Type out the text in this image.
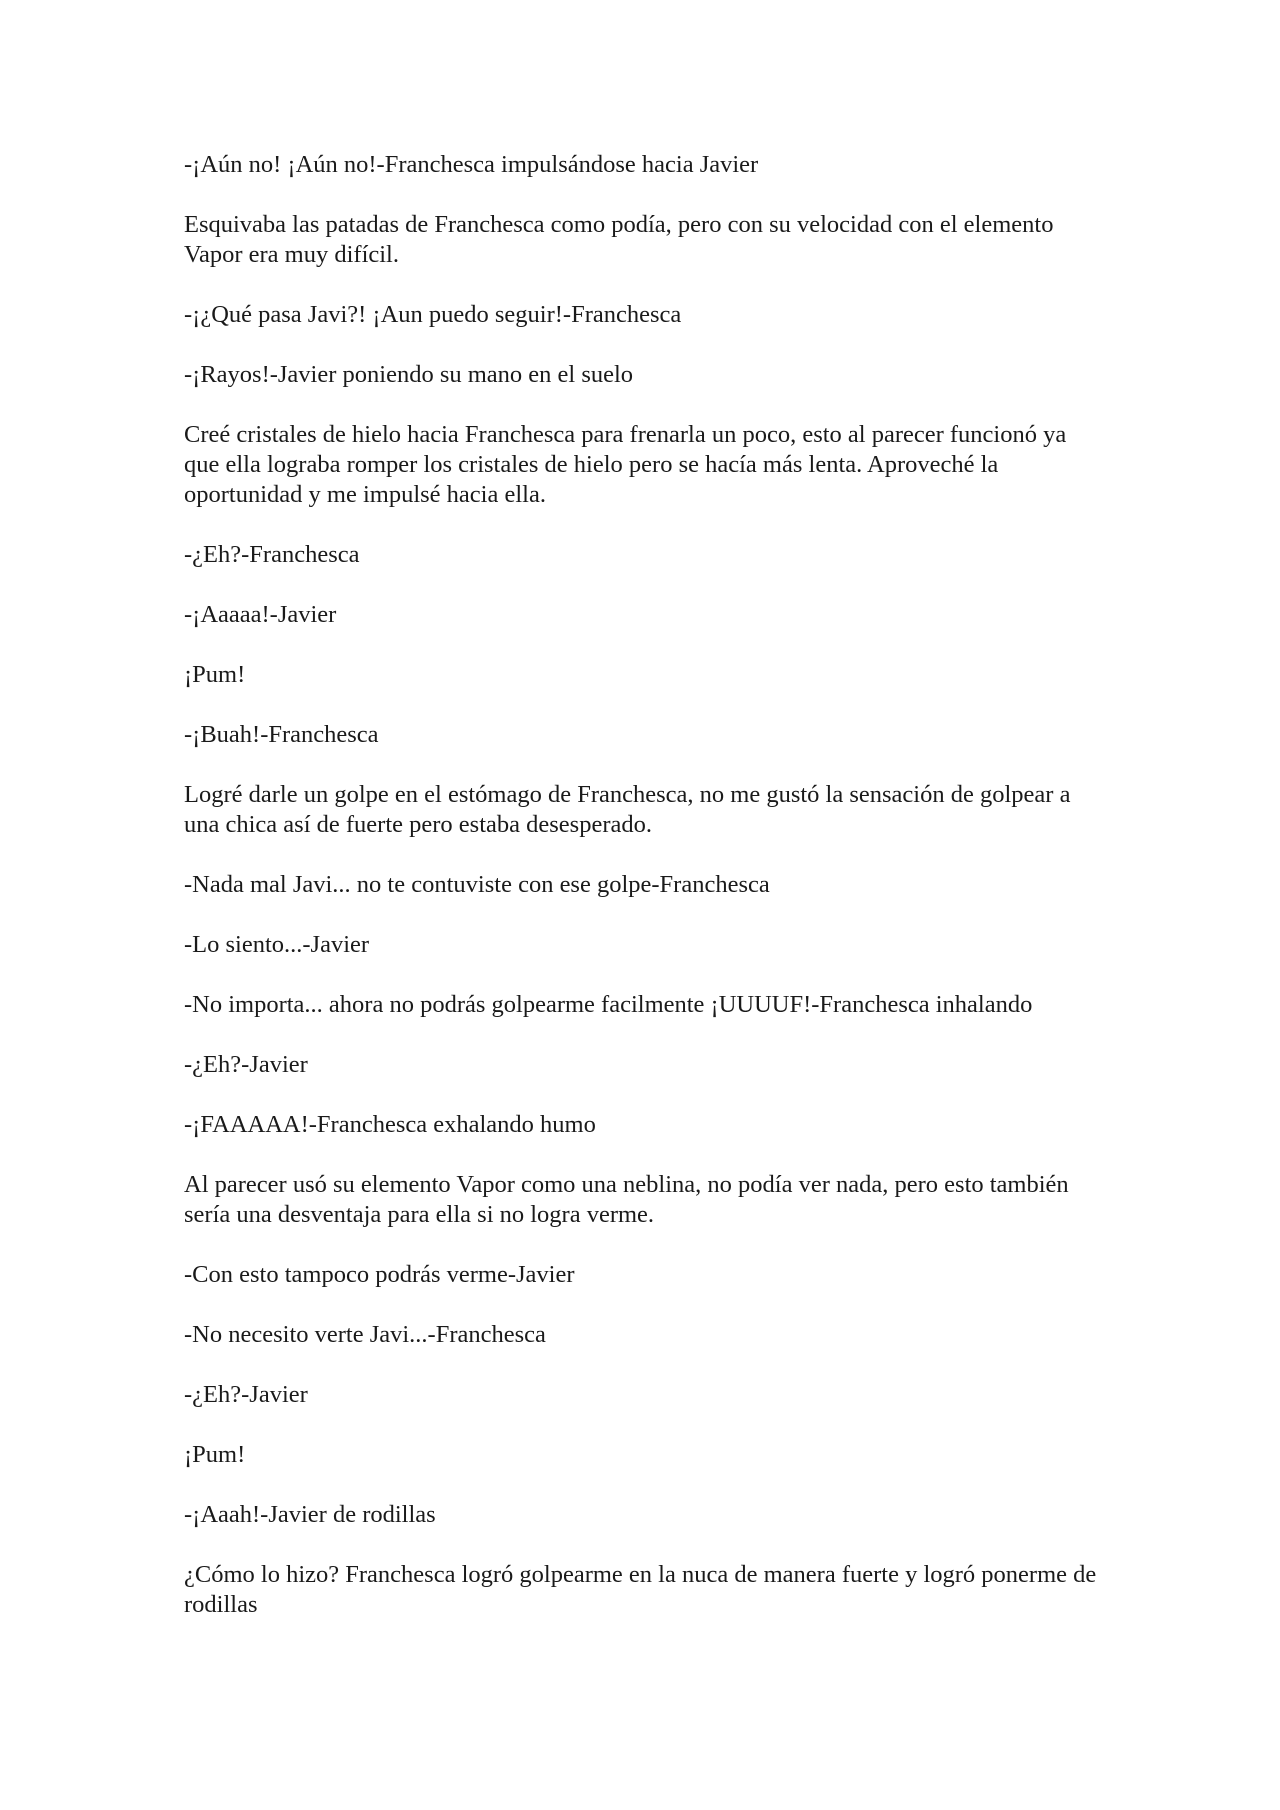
-¡Aún no! ¡Aún no!-Franchesca impulsándose hacia Javier

Esquivaba las patadas de Franchesca como podía, pero con su velocidad con el elemento Vapor era muy difícil.

-¡¿Qué pasa Javi?! ¡Aun puedo seguir!-Franchesca

-¡Rayos!-Javier poniendo su mano en el suelo

Creé cristales de hielo hacia Franchesca para frenarla un poco, esto al parecer funcionó ya que ella lograba romper los cristales de hielo pero se hacía más lenta. Aproveché la oportunidad y me impulsé hacia ella.

-¿Eh?-Franchesca

-¡Aaaaa!-Javier

¡Pum!

-¡Buah!-Franchesca

Logré darle un golpe en el estómago de Franchesca, no me gustó la sensación de golpear a una chica así de fuerte pero estaba desesperado.

-Nada mal Javi... no te contuviste con ese golpe-Franchesca

-Lo siento...-Javier

-No importa... ahora no podrás golpearme facilmente ¡UUUUF!-Franchesca inhalando

-¿Eh?-Javier

-¡FAAAAA!-Franchesca exhalando humo

Al parecer usó su elemento Vapor como una neblina, no podía ver nada, pero esto también sería una desventaja para ella si no logra verme.

-Con esto tampoco podrás verme-Javier

-No necesito verte Javi...-Franchesca

-¿Eh?-Javier

¡Pum!

-¡Aaah!-Javier de rodillas

¿Cómo lo hizo? Franchesca logró golpearme en la nuca de manera fuerte y logró ponerme de rodillas
